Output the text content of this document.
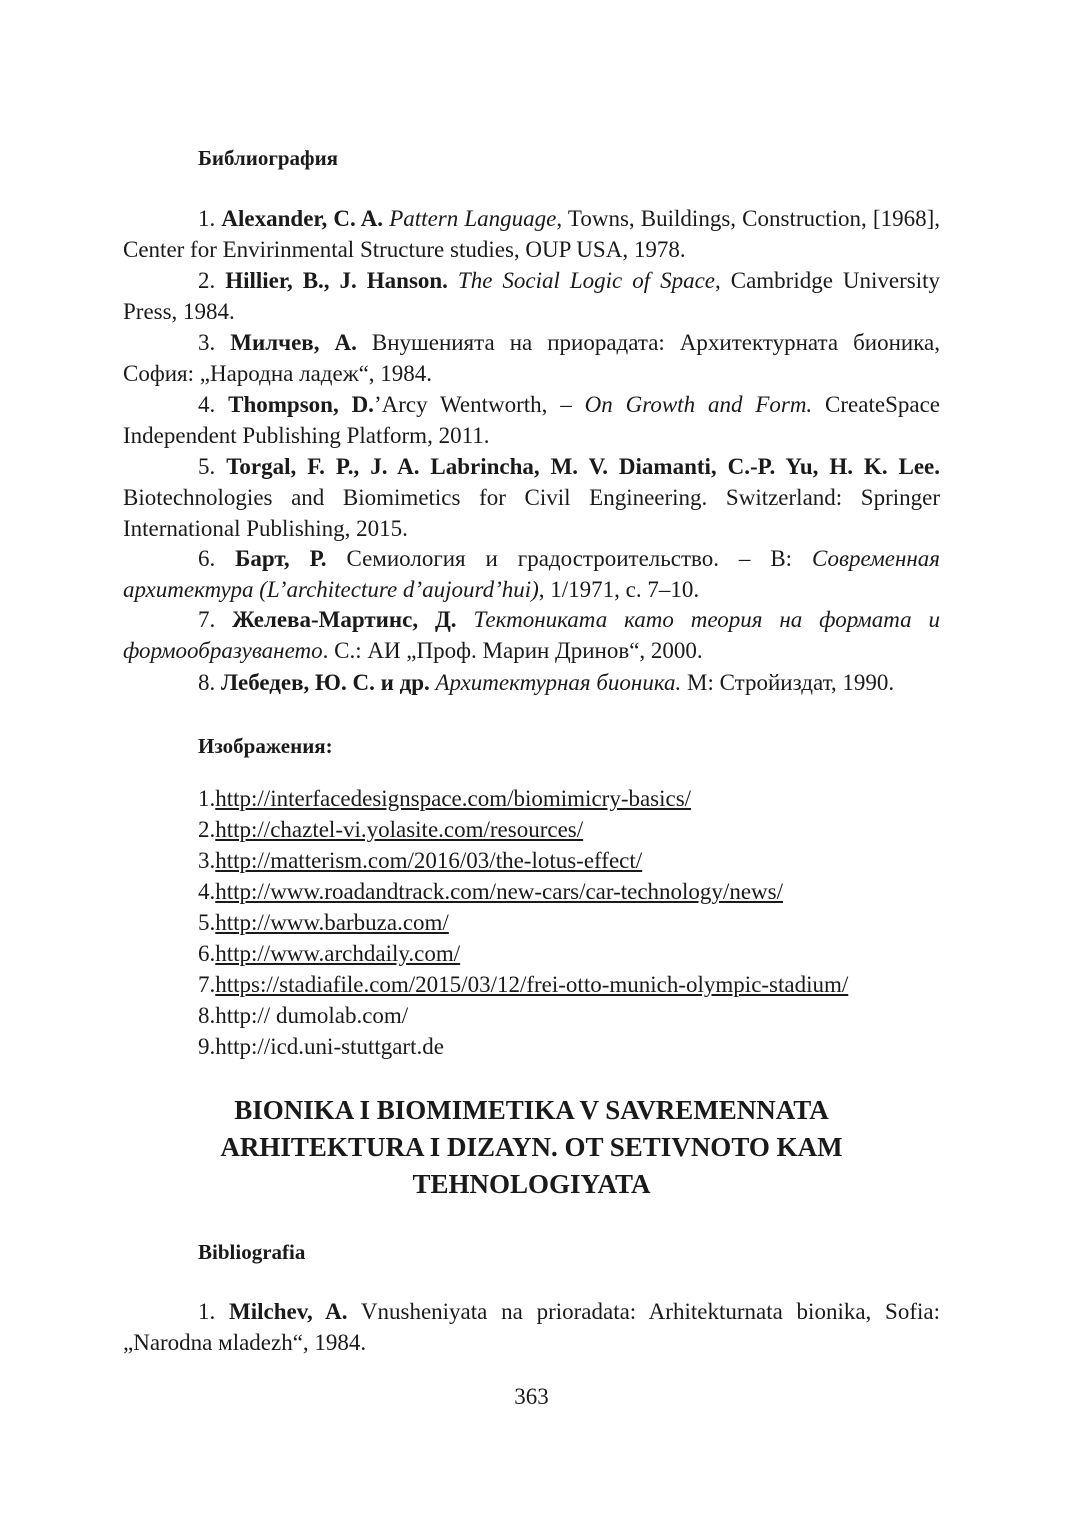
Библиография

1. Alexander, C. A. Pattern Language, Towns, Buildings, Construction, [1968], Center for Envirinmental Structure studies, OUP USA, 1978.

2. Hillier, B., J. Hanson. The Social Logic of Space, Cambridge University Press, 1984.

3. Милчев, А. Внушенията на приорадата: Архитектурната бионика, София: „Народна ладеж“, 1984.

4. Thompson, D.’Arcy Wentworth, – On Growth and Form. CreateSpace Independent Publishing Platform, 2011.

5. Torgal, F. P., J. A. Labrincha, M. V. Diamanti, C.-P. Yu, H. K. Lee. Biotechnologies and Biomimetics for Civil Engineering. Switzerland: Springer International Publishing, 2015.

6. Барт, Р. Семиология и градостроительство. – В: Современная архитектура (L’architecture d’aujourd’hui), 1/1971, с. 7–10.

7. Желева-Мартинс, Д. Тектониката като теория на формата и формообразуването. С.: АИ „Проф. Марин Дринов“, 2000.

8. Лебедев, Ю. С. и др. Архитектурная бионика. М: Стройиздат, 1990.

Изображения:
1.http://interfacedesignspace.com/biomimicry-basics/
2.http://chaztel-vi.yolasite.com/resources/
3.http://matterism.com/2016/03/the-lotus-effect/
4.http://www.roadandtrack.com/new-cars/car-technology/news/
5.http://www.barbuza.com/
6.http://www.archdaily.com/
7.https://stadiafile.com/2015/03/12/frei-otto-munich-olympic-stadium/
8.http:// dumolab.com/
9.http://icd.uni-stuttgart.de
BIONIKA I BIOMIMETIKA V SAVREMENNATA
ARHITEKTURA I DIZAYN. OT SETIVNOTO KAM
TEHNOLOGIYATA
Bibliografia

1. Milchev, A. Vnusheniyata na prioradata: Arhitekturnata bionika, Sofia: „Narodna мladezh“, 1984.

363
